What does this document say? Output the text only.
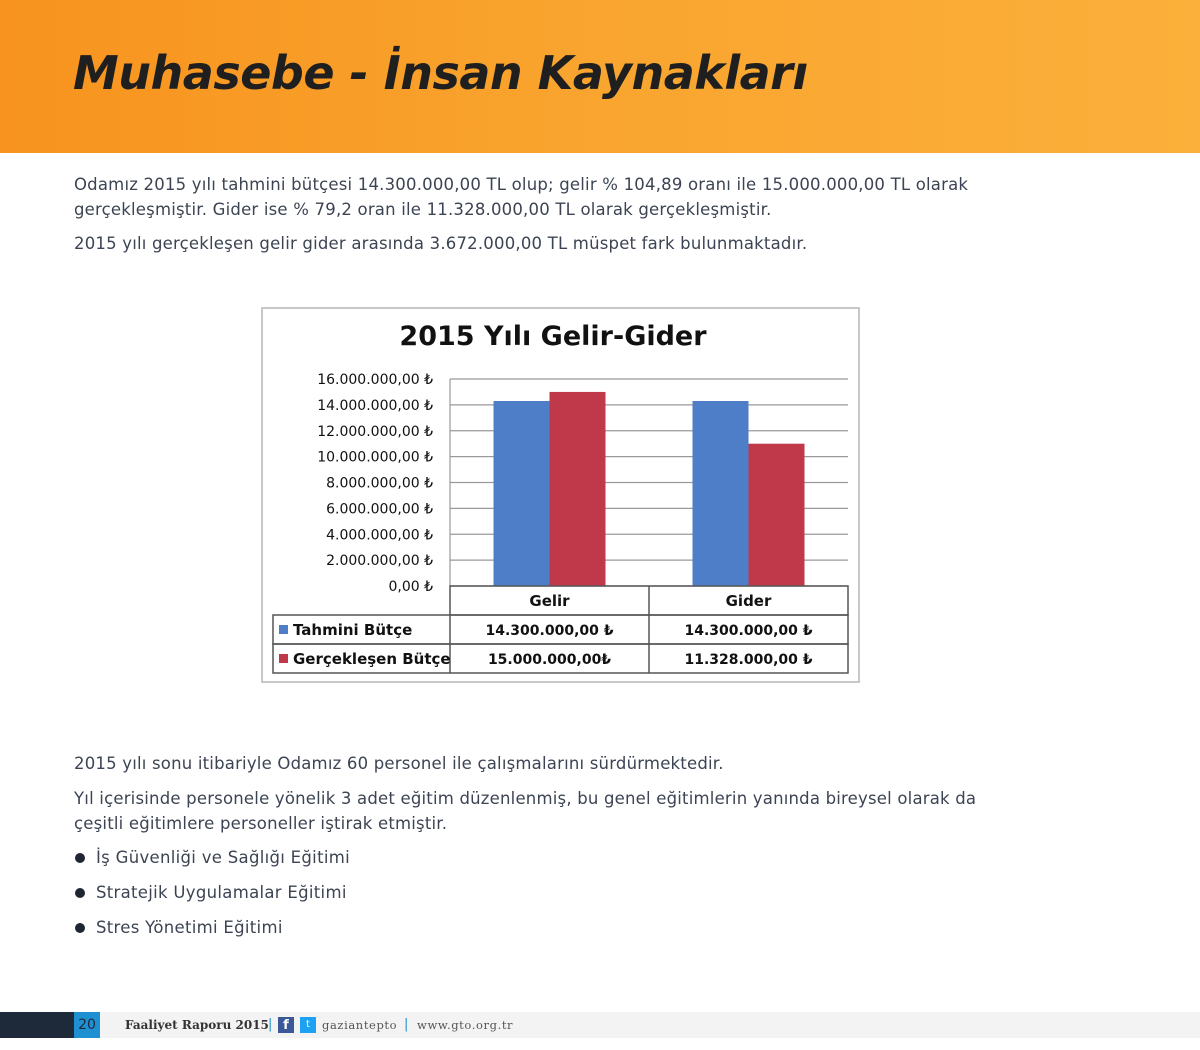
Muhasebe - İnsan Kaynakları

Odamız 2015 yılı tahmini bütçesi 14.300.000,00 TL olup; gelir % 104,89 oranı ile 15.000.000,00 TL olarak gerçekleşmiştir. Gider ise % 79,2 oran ile 11.328.000,00 TL olarak gerçekleşmiştir.

2015 yılı gerçekleşen gelir gider arasında 3.672.000,00 TL müspet fark bulunmaktadır.

2015 Yılı Gelir-Gider
0,00 ₺
2.000.000,00 ₺
4.000.000,00 ₺
6.000.000,00 ₺
8.000.000,00 ₺
10.000.000,00 ₺
12.000.000,00 ₺
14.000.000,00 ₺
16.000.000,00 ₺
Gelir	Gider
Tahmini Bütçe	14.300.000,00 ₺	14.300.000,00 ₺
Gerçekleşen Bütçe	15.000.000,00₺	11.328.000,00 ₺

2015 yılı sonu itibariyle Odamız 60 personel ile çalışmalarını sürdürmektedir.

Yıl içerisinde personele yönelik 3 adet eğitim düzenlenmiş, bu genel eğitimlerin yanında bireysel olarak da çeşitli eğitimlere personeller iştirak etmiştir.

İş Güvenliği ve Sağlığı Eğitimi
Stratejik Uygulamalar Eğitimi
Stres Yönetimi Eğitimi
20	Faaliyet Raporu 2015 | f	t	gaziantepto | www.gto.org.tr
